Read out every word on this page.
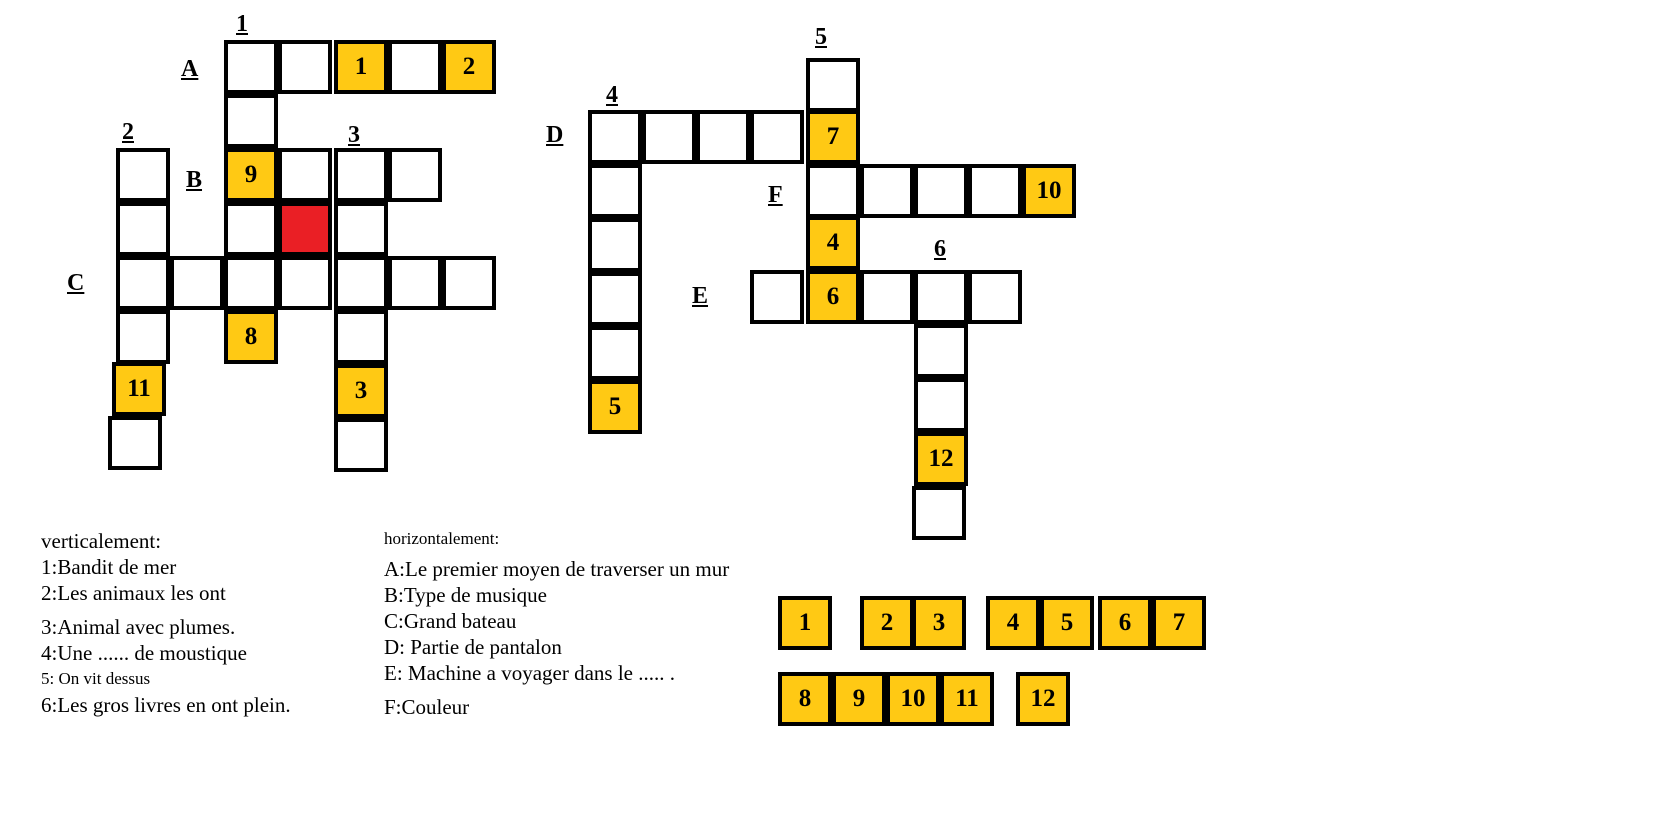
1
2	3
4
5
6
A
B
C
D
E
F
1	2
9
8
3
11
5
7
4
6
10
12
verticalement:
1:Bandit de mer
2:Les animaux les ont
3:Animal avec plumes.
4:Une ...... de moustique
5: On vit dessus
6:Les gros livres en ont plein.
horizontalement:
A:Le premier moyen de traverser un mur
B:Type de musique
C:Grand bateau
D: Partie de pantalon
E: Machine a voyager dans le ..... .
F:Couleur
1	2	3	4	5	6	7
8	9	10	11	12
